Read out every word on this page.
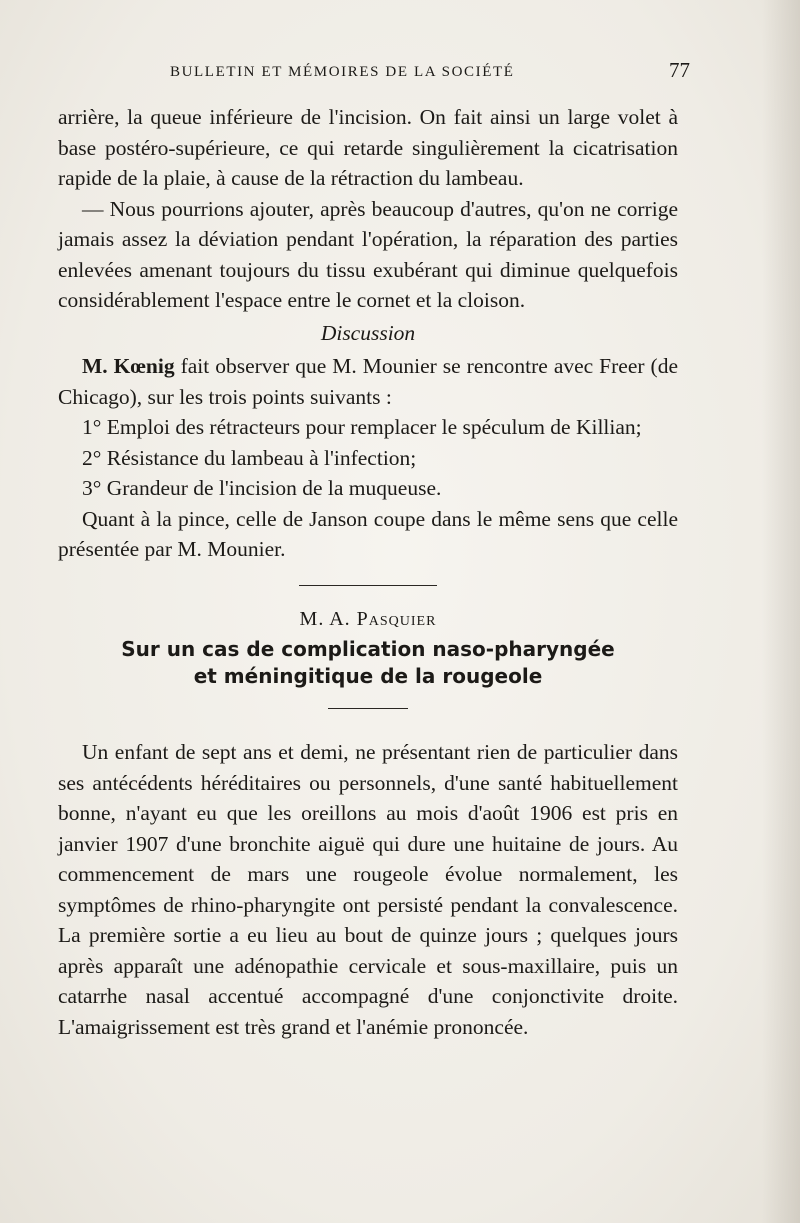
BULLETIN ET MÉMOIRES DE LA SOCIÉTÉ	77

arrière, la queue inférieure de l'incision. On fait ainsi un large volet à base postéro-supérieure, ce qui retarde singulièrement la cicatrisation rapide de la plaie, à cause de la rétraction du lambeau.

— Nous pourrions ajouter, après beaucoup d'autres, qu'on ne corrige jamais assez la déviation pendant l'opération, la réparation des parties enlevées amenant toujours du tissu exubérant qui diminue quelquefois considérablement l'espace entre le cornet et la cloison.

Discussion

M. Kœnig fait observer que M. Mounier se rencontre avec Freer (de Chicago), sur les trois points suivants :

1° Emploi des rétracteurs pour remplacer le spéculum de Killian;

2° Résistance du lambeau à l'infection;

3° Grandeur de l'incision de la muqueuse.

Quant à la pince, celle de Janson coupe dans le même sens que celle présentée par M. Mounier.

M. A. Pasquier

Sur un cas de complication naso-pharyngée
et méningitique de la rougeole

Un enfant de sept ans et demi, ne présentant rien de particulier dans ses antécédents héréditaires ou personnels, d'une santé habituellement bonne, n'ayant eu que les oreillons au mois d'août 1906 est pris en janvier 1907 d'une bronchite aiguë qui dure une huitaine de jours. Au commencement de mars une rougeole évolue normalement, les symptômes de rhino-pharyngite ont persisté pendant la convalescence. La première sortie a eu lieu au bout de quinze jours ; quelques jours après apparaît une adénopathie cervicale et sous-maxillaire, puis un catarrhe nasal accentué accompagné d'une conjonctivite droite. L'amaigrissement est très grand et l'anémie prononcée.
